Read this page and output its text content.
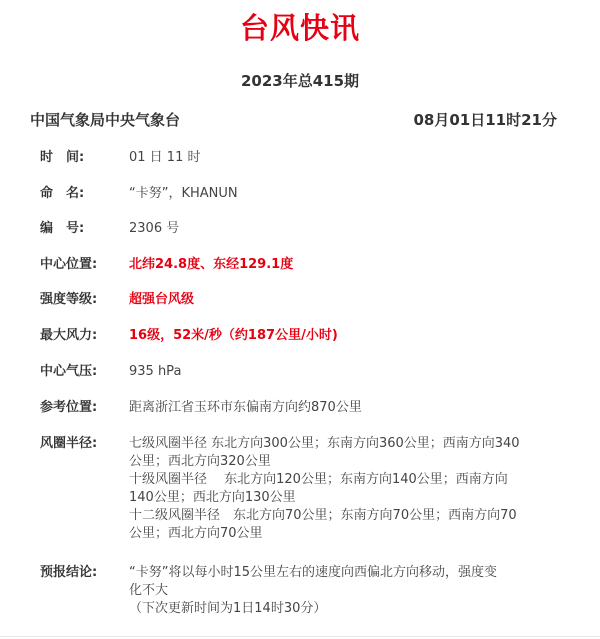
台风快讯
2023年总415期
中国气象局中央气象台	08月01日11时21分
时　间:	01 日 11 时
命　名:	“卡努”，KHANUN
编　号:	2306 号
中心位置:	北纬24.8度、东经129.1度
强度等级:	超强台风级
最大风力:	16级，52米/秒（约187公里/小时)
中心气压:	935 hPa
参考位置:	距离浙江省玉环市东偏南方向约870公里
风圈半径:	七级风圈半径 东北方向300公里；东南方向360公里；西南方向340
公里；西北方向320公里
十级风圈半径　 东北方向120公里；东南方向140公里；西南方向
140公里；西北方向130公里
十二级风圈半径　东北方向70公里；东南方向70公里；西南方向70
公里；西北方向70公里
预报结论:	“卡努”将以每小时15公里左右的速度向西偏北方向移动，强度变
化不大
（下次更新时间为1日14时30分）
